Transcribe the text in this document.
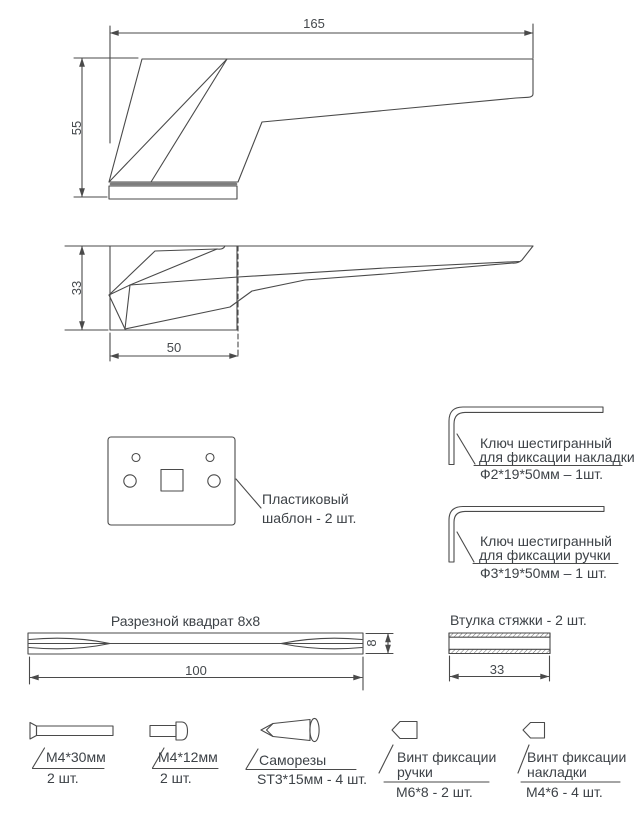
165
55
33
50
Пластиковый
шаблон - 2 шт.
Ключ шестигранный
для фиксации накладки
Ф2*19*50мм – 1шт.
Ключ шестигранный
для фиксации ручки
Ф3*19*50мм – 1 шт.
Разрезной квадрат 8x8
100
8
Втулка стяжки - 2 шт.
33
М4*30мм
2 шт.
М4*12мм
2 шт.
Саморезы
ST3*15мм - 4 шт.
Винт фиксации
ручки
М6*8 - 2 шт.
Винт фиксации
накладки
М4*6 - 4 шт.
